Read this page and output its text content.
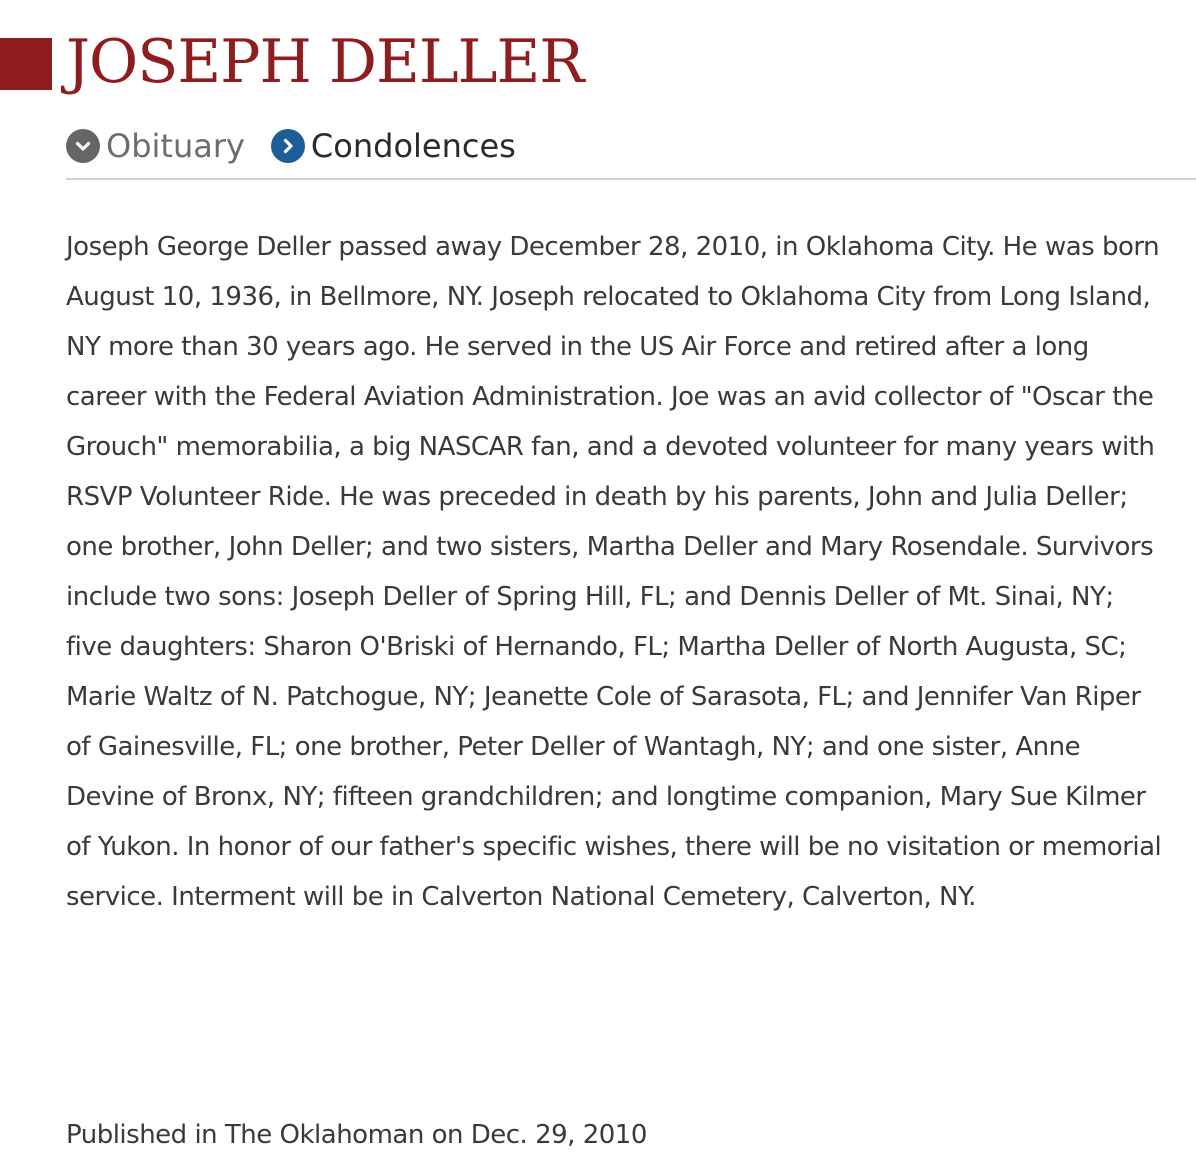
JOSEPH DELLER
Obituary Condolences

Joseph George Deller passed away December 28, 2010, in Oklahoma City. He was born August 10, 1936, in Bellmore, NY. Joseph relocated to Oklahoma City from Long Island, NY more than 30 years ago. He served in the US Air Force and retired after a long career with the Federal Aviation Administration. Joe was an avid collector of "Oscar the Grouch" memorabilia, a big NASCAR fan, and a devoted volunteer for many years with RSVP Volunteer Ride. He was preceded in death by his parents, John and Julia Deller; one brother, John Deller; and two sisters, Martha Deller and Mary Rosendale. Survivors include two sons: Joseph Deller of Spring Hill, FL; and Dennis Deller of Mt. Sinai, NY; five daughters: Sharon O'Briski of Hernando, FL; Martha Deller of North Augusta, SC; Marie Waltz of N. Patchogue, NY; Jeanette Cole of Sarasota, FL; and Jennifer Van Riper of Gainesville, FL; one brother, Peter Deller of Wantagh, NY; and one sister, Anne Devine of Bronx, NY; fifteen grandchildren; and longtime companion, Mary Sue Kilmer of Yukon. In honor of our father's specific wishes, there will be no visitation or memorial service. Interment will be in Calverton National Cemetery, Calverton, NY.

Published in The Oklahoman on Dec. 29, 2010
